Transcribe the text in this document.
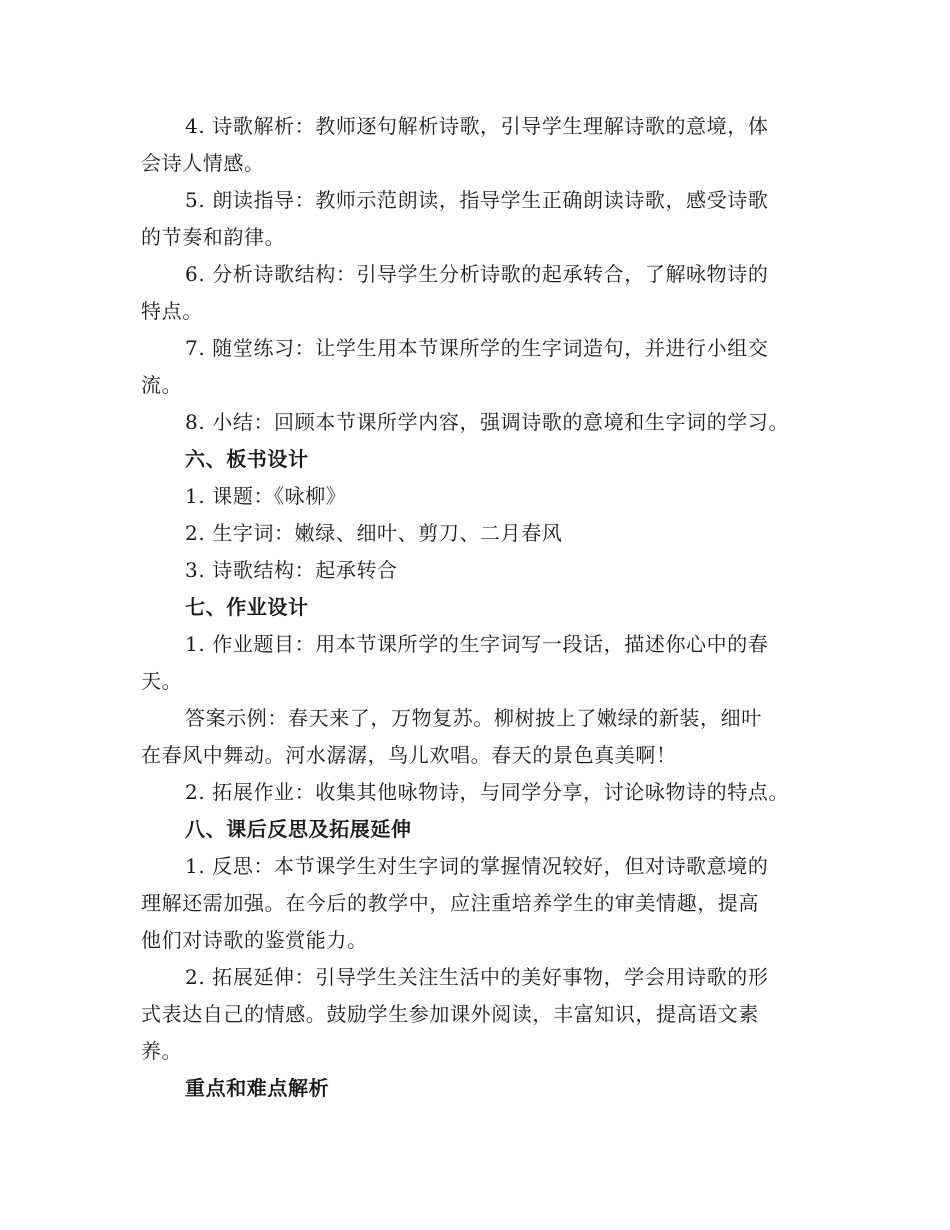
4. 诗歌解析：教师逐句解析诗歌，引导学生理解诗歌的意境，体
会诗人情感。
5. 朗读指导：教师示范朗读，指导学生正确朗读诗歌，感受诗歌
的节奏和韵律。
6. 分析诗歌结构：引导学生分析诗歌的起承转合，了解咏物诗的
特点。
7. 随堂练习：让学生用本节课所学的生字词造句，并进行小组交
流。
8. 小结：回顾本节课所学内容，强调诗歌的意境和生字词的学习。
六、板书设计
1. 课题：《咏柳》
2. 生字词：嫩绿、细叶、剪刀、二月春风
3. 诗歌结构：起承转合
七、作业设计
1. 作业题目：用本节课所学的生字词写一段话，描述你心中的春
天。
答案示例：春天来了，万物复苏。柳树披上了嫩绿的新装，细叶
在春风中舞动。河水潺潺，鸟儿欢唱。春天的景色真美啊！
2. 拓展作业：收集其他咏物诗，与同学分享，讨论咏物诗的特点。
八、课后反思及拓展延伸
1. 反思：本节课学生对生字词的掌握情况较好，但对诗歌意境的
理解还需加强。在今后的教学中，应注重培养学生的审美情趣，提高
他们对诗歌的鉴赏能力。
2. 拓展延伸：引导学生关注生活中的美好事物，学会用诗歌的形
式表达自己的情感。鼓励学生参加课外阅读，丰富知识，提高语文素
养。
重点和难点解析
